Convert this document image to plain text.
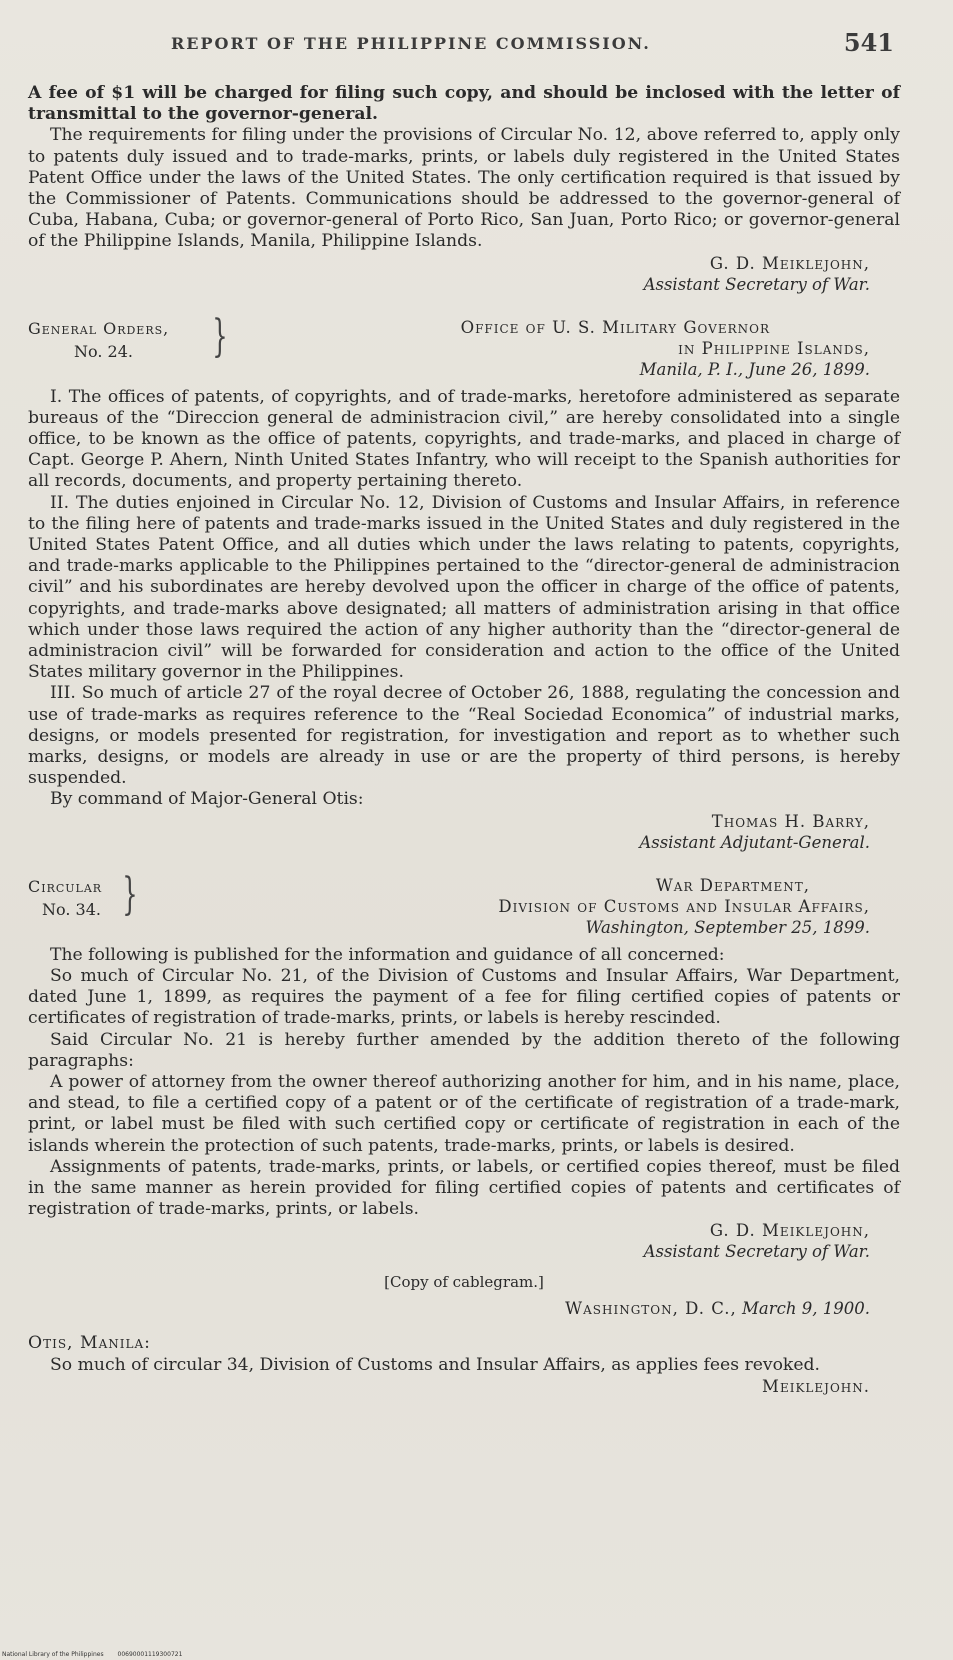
REPORT OF THE PHILIPPINE COMMISSION.	541

A fee of $1 will be charged for filing such copy, and should be inclosed with the letter of transmittal to the governor-general.

The requirements for filing under the provisions of Circular No. 12, above referred to, apply only to patents duly issued and to trade-marks, prints, or labels duly registered in the United States Patent Office under the laws of the United States. The only certification required is that issued by the Commissioner of Patents. Communications should be addressed to the governor-general of Cuba, Habana, Cuba; or governor-general of Porto Rico, San Juan, Porto Rico; or governor-general of the Philippine Islands, Manila, Philippine Islands.

G. D. Meiklejohn,
Assistant Secretary of War.
General Orders,
No. 24.	}	Office of U. S. Military Governor
in Philippine Islands,
Manila, P. I., June 26, 1899.

I. The offices of patents, of copyrights, and of trade-marks, heretofore administered as separate bureaus of the “Direccion general de administracion civil,” are hereby consolidated into a single office, to be known as the office of patents, copyrights, and trade-marks, and placed in charge of Capt. George P. Ahern, Ninth United States Infantry, who will receipt to the Spanish authorities for all records, documents, and property pertaining thereto.

II. The duties enjoined in Circular No. 12, Division of Customs and Insular Affairs, in reference to the filing here of patents and trade-marks issued in the United States and duly registered in the United States Patent Office, and all duties which under the laws relating to patents, copyrights, and trade-marks applicable to the Philippines pertained to the “director-general de administracion civil” and his subordinates are hereby devolved upon the officer in charge of the office of patents, copyrights, and trade-marks above designated; all matters of administration arising in that office which under those laws required the action of any higher authority than the “director-general de administracion civil” will be forwarded for consideration and action to the office of the United States military governor in the Philippines.

III. So much of article 27 of the royal decree of October 26, 1888, regulating the concession and use of trade-marks as requires reference to the “Real Sociedad Economica” of industrial marks, designs, or models presented for registration, for investigation and report as to whether such marks, designs, or models are already in use or are the property of third persons, is hereby suspended.

By command of Major-General Otis:

Thomas H. Barry,
Assistant Adjutant-General.
Circular
No. 34. }	War Department,
Division of Customs and Insular Affairs,
Washington, September 25, 1899.

The following is published for the information and guidance of all concerned:

So much of Circular No. 21, of the Division of Customs and Insular Affairs, War Department, dated June 1, 1899, as requires the payment of a fee for filing certified copies of patents or certificates of registration of trade-marks, prints, or labels is hereby rescinded.

Said Circular No. 21 is hereby further amended by the addition thereto of the following paragraphs:

A power of attorney from the owner thereof authorizing another for him, and in his name, place, and stead, to file a certified copy of a patent or of the certificate of registration of a trade-mark, print, or label must be filed with such certified copy or certificate of registration in each of the islands wherein the protection of such patents, trade-marks, prints, or labels is desired.

Assignments of patents, trade-marks, prints, or labels, or certified copies thereof, must be filed in the same manner as herein provided for filing certified copies of patents and certificates of registration of trade-marks, prints, or labels.

G. D. Meiklejohn,
Assistant Secretary of War.
[Copy of cablegram.]
Washington, D. C., March 9, 1900.

Otis, Manila:

So much of circular 34, Division of Customs and Insular Affairs, as applies fees revoked.

Meiklejohn.
National Library of the Philippines 00690001119300721
